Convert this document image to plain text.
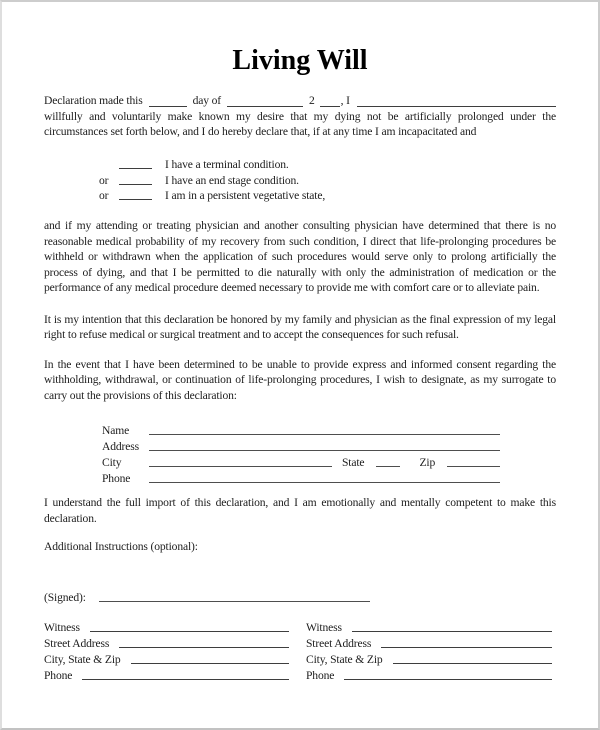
Living Will
Declaration made this	day of	2 , I
willfully and voluntarily make known my desire that my dying not be artificially prolonged under the circumstances set forth below, and I do hereby declare that, if at any time I am incapacitated and
I have a terminal condition.
or	I have an end stage condition.
or	I am in a persistent vegetative state,
and if my attending or treating physician and another consulting physician have determined that there is no reasonable medical probability of my recovery from such condition, I direct that life-prolonging procedures be withheld or withdrawn when the application of such procedures would serve only to prolong artificially the process of dying, and that I be permitted to die naturally with only the administration of medication or the performance of any medical procedure deemed necessary to provide me with comfort care or to alleviate pain.
It is my intention that this declaration be honored by my family and physician as the final expression of my legal right to refuse medical or surgical treatment and to accept the consequences for such refusal.
In the event that I have been determined to be unable to provide express and informed consent regarding the withholding, withdrawal, or continuation of life-prolonging procedures, I wish to designate, as my surrogate to carry out the provisions of this declaration:
Name
Address
City	State	Zip
Phone
I understand the full import of this declaration, and I am emotionally and mentally competent to make this declaration.
Additional Instructions (optional):
(Signed):
Witness
Street Address
City, State & Zip
Phone
Witness
Street Address
City, State & Zip
Phone
